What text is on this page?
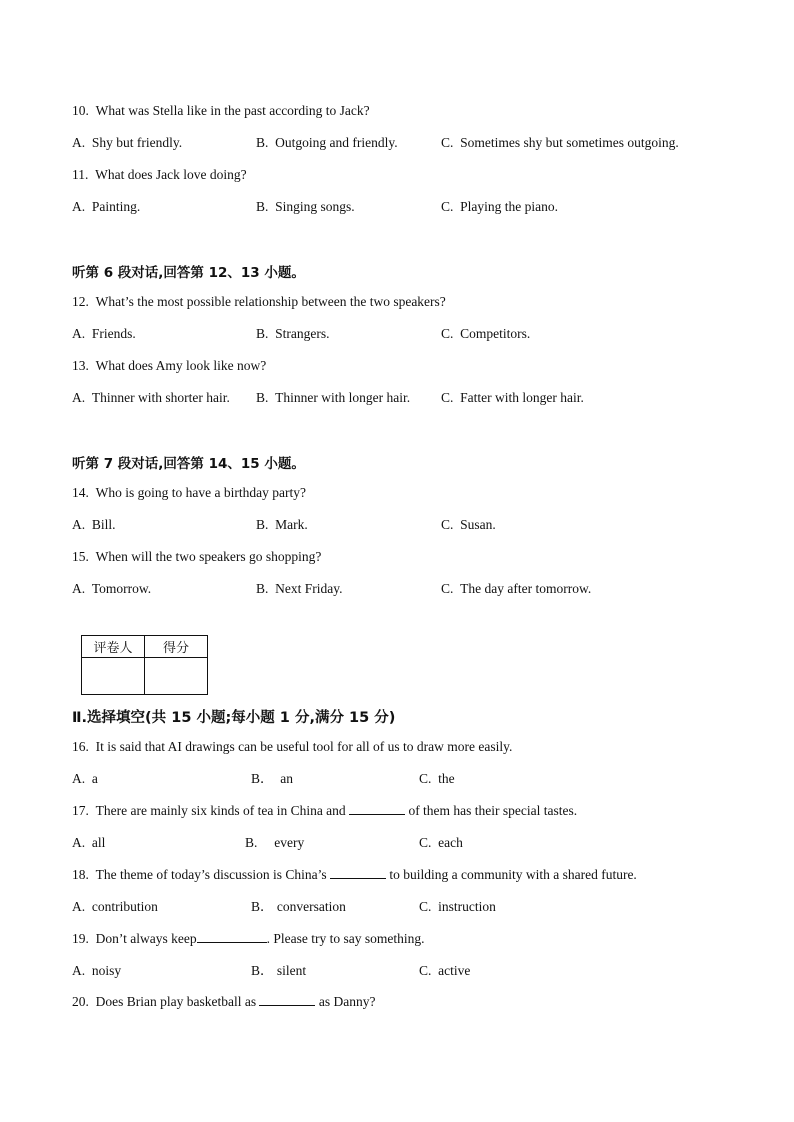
10. What was Stella like in the past according to Jack?
A. Shy but friendly.	B. Outgoing and friendly.	C. Sometimes shy but sometimes outgoing.
11. What does Jack love doing?
A. Painting.	B. Singing songs.	C. Playing the piano.
听第 6 段对话,回答第 12、13 小题。
12. What’s the most possible relationship between the two speakers?
A. Friends.	B. Strangers.	C. Competitors.
13. What does Amy look like now?
A. Thinner with shorter hair. B. Thinner with longer hair. C. Fatter with longer hair.
听第 7 段对话,回答第 14、15 小题。
14. Who is going to have a birthday party?
A. Bill.	B. Mark.	C. Susan.
15. When will the two speakers go shopping?
A. Tomorrow.	B. Next Friday.	C. The day after tomorrow.
评卷人	得分

Ⅱ.选择填空(共 15 小题;每小题 1 分,满分 15 分)
16. It is said that AI drawings can be useful tool for all of us to draw more easily.
A. a	B． an	C. the
17. There are mainly six kinds of tea in China and	of them has their special tastes.
A. all	B. every	C. each
18. The theme of today’s discussion is China’s	to building a community with a shared future.
A. contribution	B． conversation	C. instruction
19. Don’t always keep	. Please try to say something.
A. noisy	B． silent	C. active
20. Does Brian play basketball as	as Danny?
